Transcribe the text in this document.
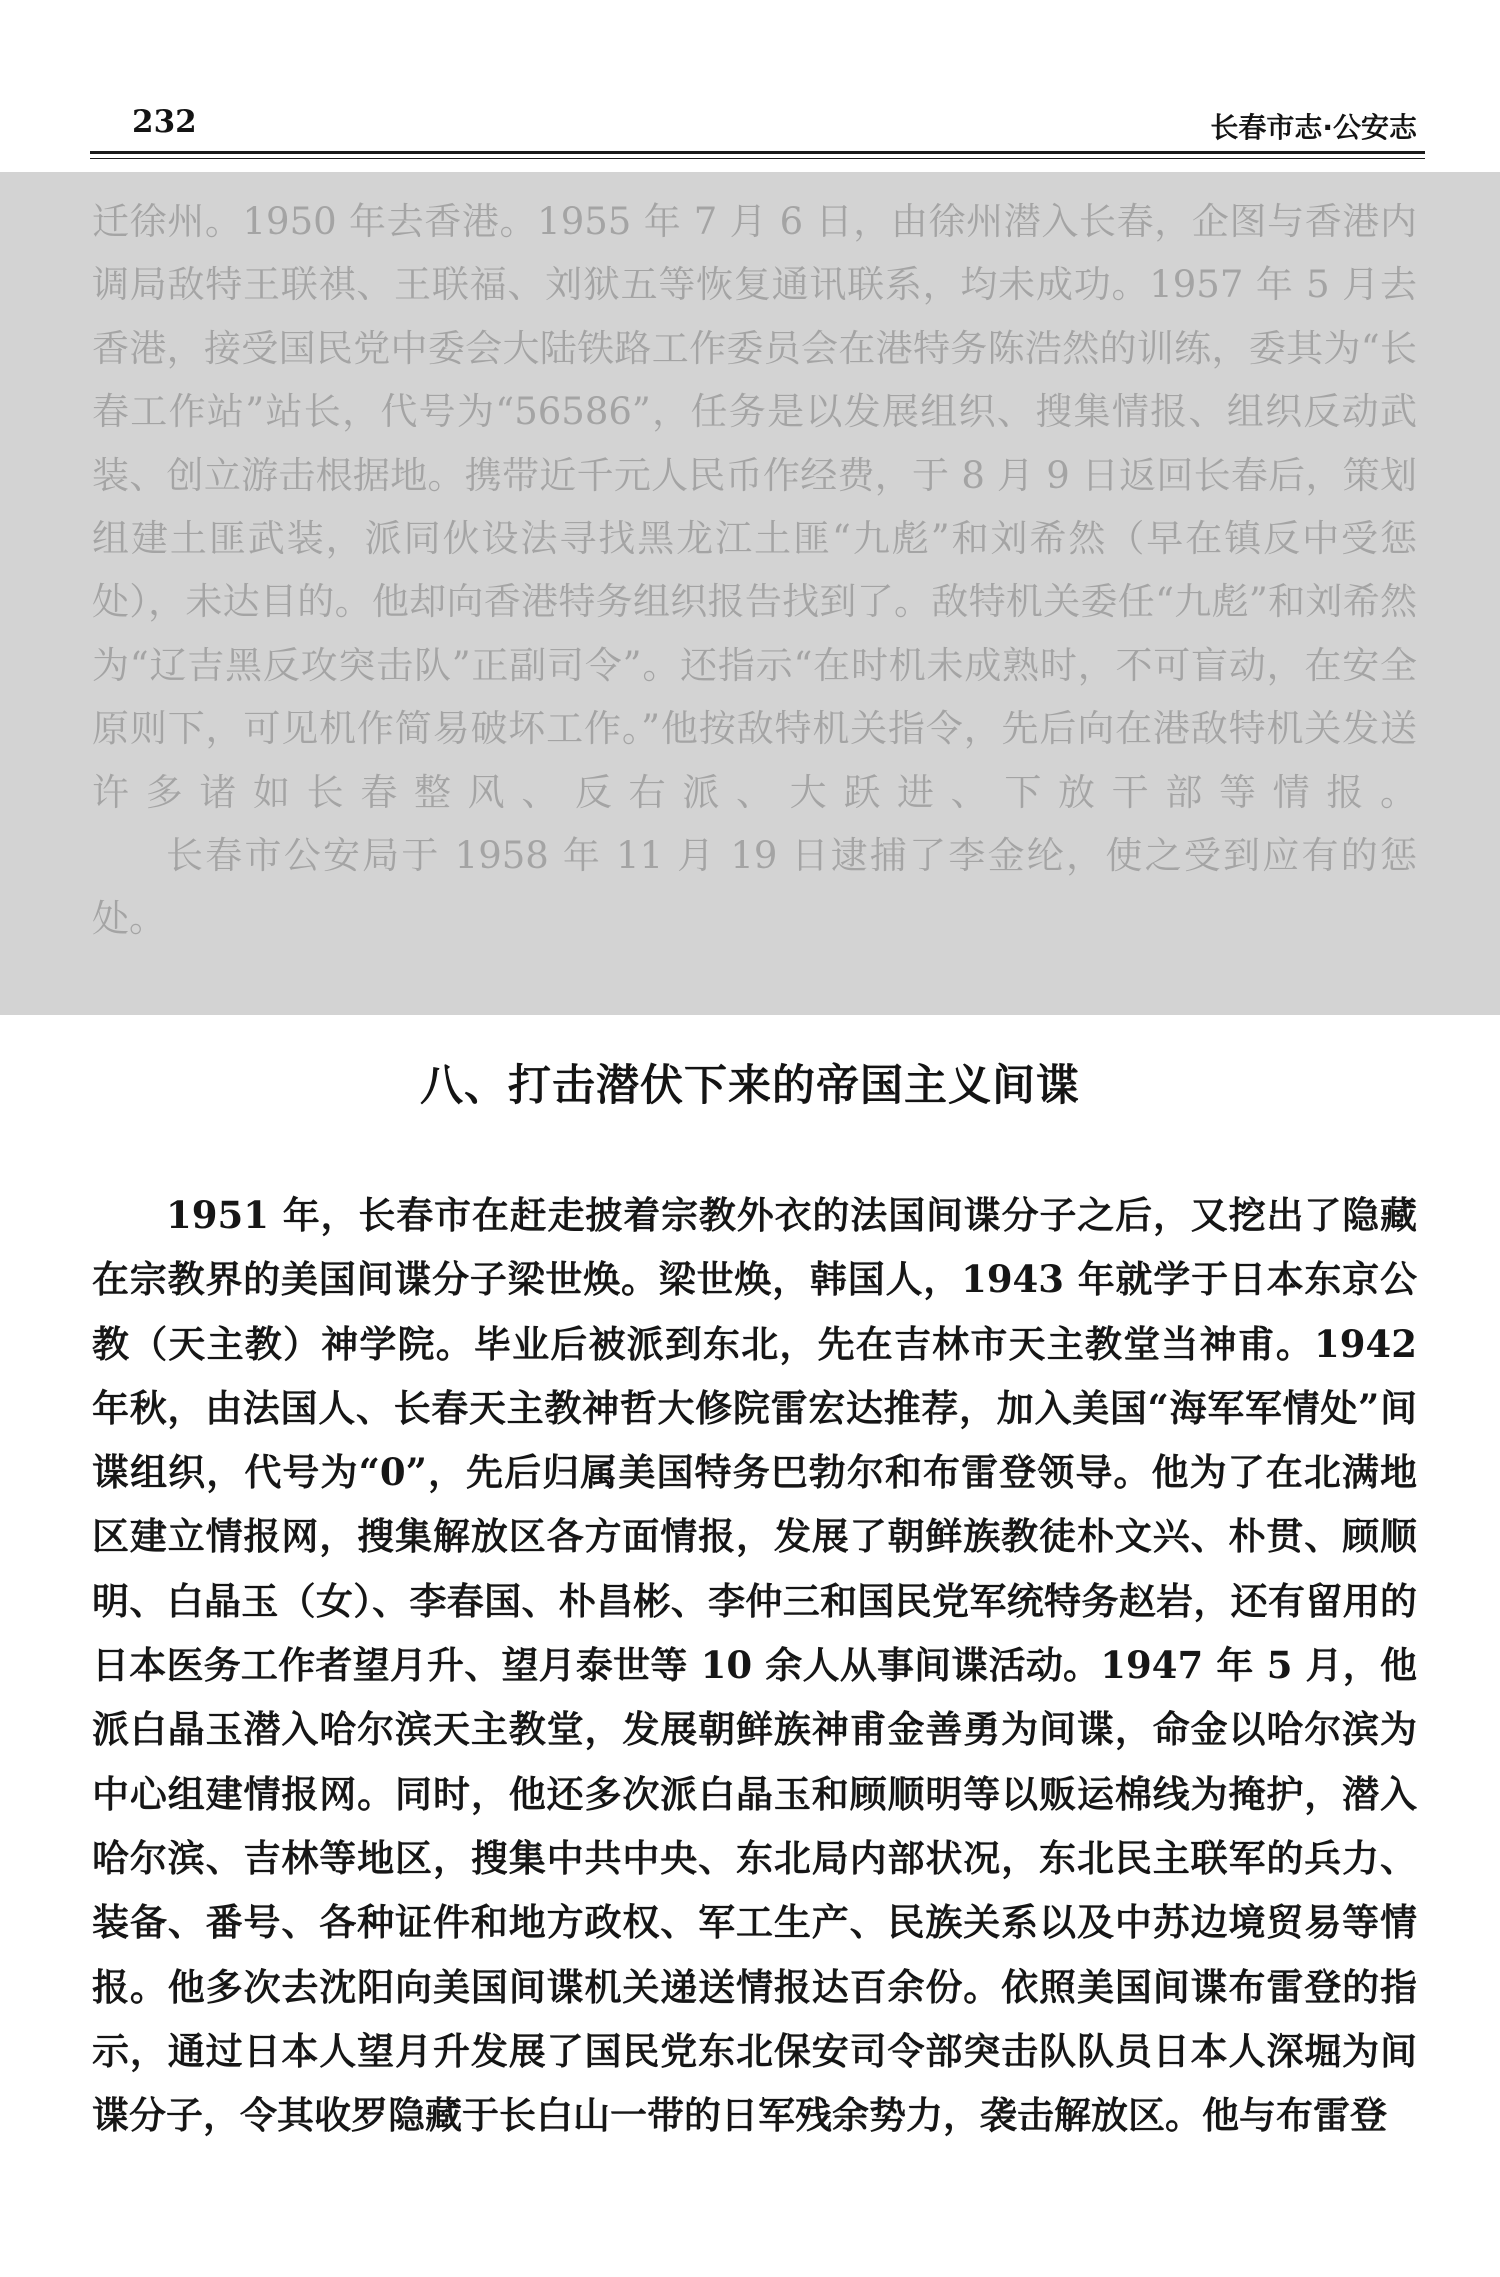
232	长春市志·公安志

迁徐州。1950 年去香港。1955 年 7 月 6 日，由徐州潜入长春，企图与香港内调局敌特王联祺、王联福、刘狱五等恢复通讯联系，均未成功。1957 年 5 月去香港，接受国民党中委会大陆铁路工作委员会在港特务陈浩然的训练，委其为“长春工作站”站长，代号为“56586”，任务是以发展组织、搜集情报、组织反动武装、创立游击根据地。携带近千元人民币作经费，于 8 月 9 日返回长春后，策划组建土匪武装，派同伙设法寻找黑龙江土匪“九彪”和刘希然（早在镇反中受惩处），未达目的。他却向香港特务组织报告找到了。敌特机关委任“九彪”和刘希然为“辽吉黑反攻突击队”正副司令”。还指示“在时机未成熟时，不可盲动，在安全原则下，可见机作简易破坏工作。”他按敌特机关指令，先后向在港敌特机关发送许多诸如长春整风、反右派、大跃进、下放干部等情报。

长春市公安局于 1958 年 11 月 19 日逮捕了李金纶，使之受到应有的惩处。

八、打击潜伏下来的帝国主义间谍

1951 年，长春市在赶走披着宗教外衣的法国间谍分子之后，又挖出了隐藏在宗教界的美国间谍分子梁世焕。梁世焕，韩国人，1943 年就学于日本东京公教（天主教）神学院。毕业后被派到东北，先在吉林市天主教堂当神甫。1942 年秋，由法国人、长春天主教神哲大修院雷宏达推荐，加入美国“海军军情处”间谍组织，代号为“0”，先后归属美国特务巴勃尔和布雷登领导。他为了在北满地区建立情报网，搜集解放区各方面情报，发展了朝鲜族教徒朴文兴、朴贯、顾顺明、白晶玉（女）、李春国、朴昌彬、李仲三和国民党军统特务赵岩，还有留用的日本医务工作者望月升、望月泰世等 10 余人从事间谍活动。1947 年 5 月，他派白晶玉潜入哈尔滨天主教堂，发展朝鲜族神甫金善勇为间谍，命金以哈尔滨为中心组建情报网。同时，他还多次派白晶玉和顾顺明等以贩运棉线为掩护，潜入哈尔滨、吉林等地区，搜集中共中央、东北局内部状况，东北民主联军的兵力、装备、番号、各种证件和地方政权、军工生产、民族关系以及中苏边境贸易等情报。他多次去沈阳向美国间谍机关递送情报达百余份。依照美国间谍布雷登的指示，通过日本人望月升发展了国民党东北保安司令部突击队队员日本人深堀为间谍分子，令其收罗隐藏于长白山一带的日军残余势力，袭击解放区。他与布雷登
